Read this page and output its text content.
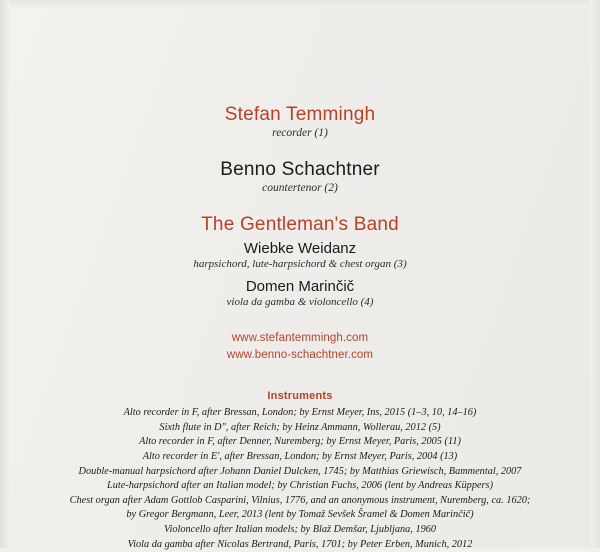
Stefan Temmingh
recorder (1)
Benno Schachtner
countertenor (2)
The Gentleman's Band
Wiebke Weidanz
harpsichord, lute-harpsichord & chest organ (3)
Domen Marinčič
viola da gamba & violoncello (4)
www.stefantemmingh.com
www.benno-schachtner.com
Instruments
Alto recorder in F, after Bressan, London; by Ernst Meyer, Ins, 2015 (1–3, 10, 14–16)
Sixth flute in D", after Reich; by Heinz Ammann, Wollerau, 2012 (5)
Alto recorder in F, after Denner, Nuremberg; by Ernst Meyer, Paris, 2005 (11)
Alto recorder in E', after Bressan, London; by Ernst Meyer, Paris, 2004 (13)
Double-manual harpsichord after Johann Daniel Dulcken, 1745; by Matthias Griewisch, Bammental, 2007
Lute-harpsichord after an Italian model; by Christian Fuchs, 2006 (lent by Andreas Küppers)
Chest organ after Adam Gottlob Casparini, Vilnius, 1776, and an anonymous instrument, Nuremberg, ca. 1620;
by Gregor Bergmann, Leer, 2013 (lent by Tomaž Sevšek Šramel & Domen Marinčič)
Violoncello after Italian models; by Blaž Demšar, Ljubljana, 1960
Viola da gamba after Nicolas Bertrand, Paris, 1701; by Peter Erben, Munich, 2012
